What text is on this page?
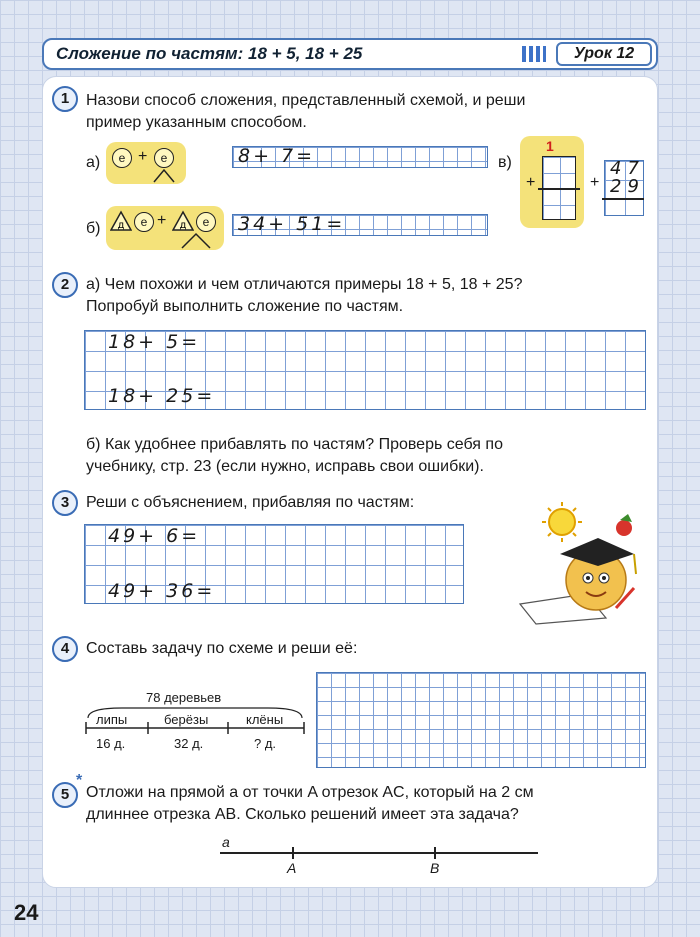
Сложение по частям: 18 + 5, 18 + 25	Урок 12
1	Назови способ сложения, представленный схемой, и реши
пример указанным способом.
а)	е +	е	8+ 7=
б) д	е + д	е	34+ 51=
в)
1
+	+
47
29
2	а) Чем похожи и чем отличаются примеры 18 + 5, 18 + 25?
Попробуй выполнить сложение по частям.
18+ 5=
18+ 25=
б) Как удобнее прибавлять по частям? Проверь себя по
учебнику, стр. 23 (если нужно, исправь свои ошибки).
3	Реши с объяснением, прибавляя по частям:
49+ 6=
49+ 36=
4	Составь задачу по схеме и реши её:
78 деревьев
липы	берёзы	клёны
16 д.	32 д.	? д.
5
*
Отложи на прямой a от точки A отрезок AC, который на 2 см
длиннее отрезка AB. Сколько решений имеет эта задача?
a
A	B
24
